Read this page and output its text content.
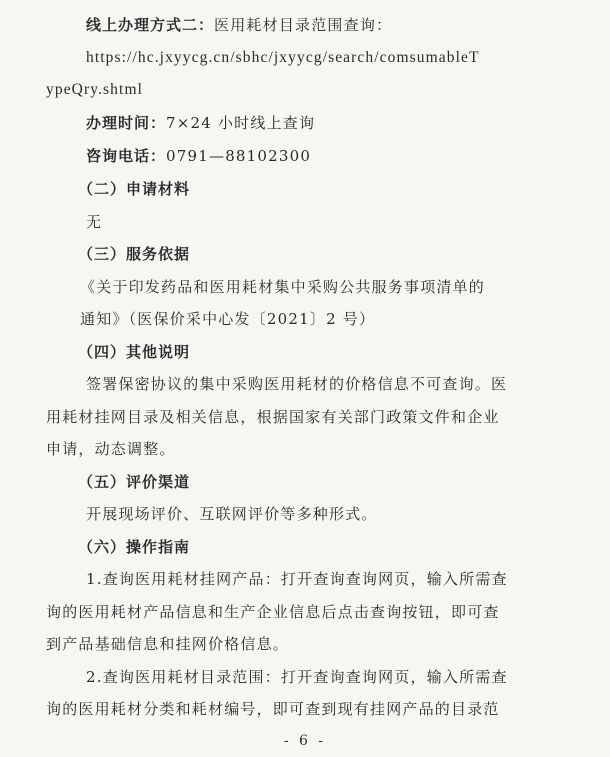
线上办理方式二：医用耗材目录范围查询：
https://hc.jxyycg.cn/sbhc/jxyycg/search/comsumableT
ypeQry.shtml
办理时间：7×24 小时线上查询
咨询电话：0791—88102300
（二）申请材料
无
（三）服务依据
《关于印发药品和医用耗材集中采购公共服务事项清单的
通知》（医保价采中心发〔2021〕2 号）
（四）其他说明
签署保密协议的集中采购医用耗材的价格信息不可查询。医
用耗材挂网目录及相关信息，根据国家有关部门政策文件和企业
申请，动态调整。
（五）评价渠道
开展现场评价、互联网评价等多种形式。
（六）操作指南
1.查询医用耗材挂网产品：打开查询查询网页，输入所需查
询的医用耗材产品信息和生产企业信息后点击查询按钮，即可查
到产品基础信息和挂网价格信息。
2.查询医用耗材目录范围：打开查询查询网页，输入所需查
询的医用耗材分类和耗材编号，即可查到现有挂网产品的目录范
- 6 -
